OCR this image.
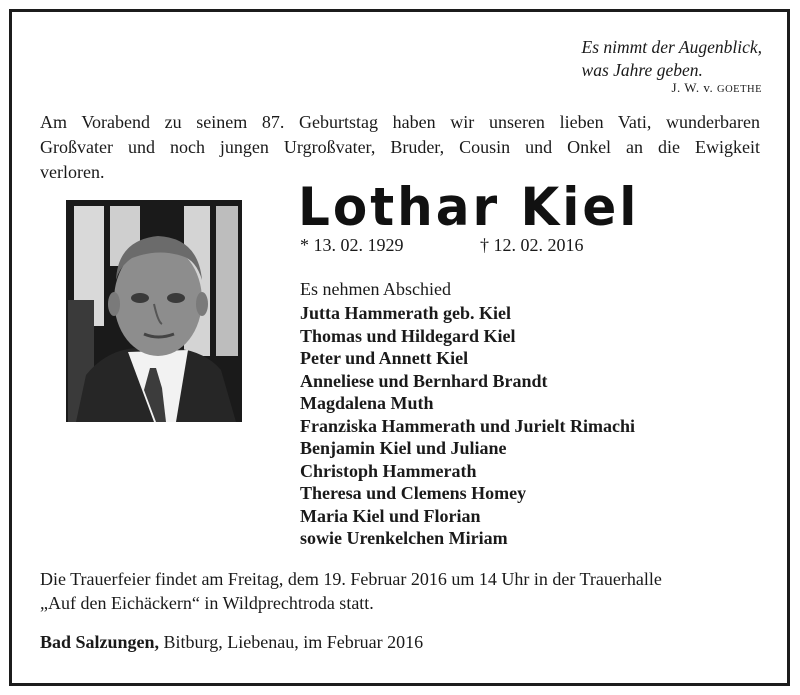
Es nimmt der Augenblick,
was Jahre geben.
J. W. v. GOETHE
Am Vorabend zu seinem 87. Geburtstag haben wir unseren lieben Vati, wunderbaren
Großvater und noch jungen Urgroßvater, Bruder, Cousin und Onkel an die Ewigkeit
verloren.
Lothar Kiel
* 13. 02. 1929	† 12. 02. 2016
Es nehmen Abschied
Jutta Hammerath geb. Kiel
Thomas und Hildegard Kiel
Peter und Annett Kiel
Anneliese und Bernhard Brandt
Magdalena Muth
Franziska Hammerath und Jurielt Rimachi
Benjamin Kiel und Juliane
Christoph Hammerath
Theresa und Clemens Homey
Maria Kiel und Florian
sowie Urenkelchen Miriam
Die Trauerfeier findet am Freitag, dem 19. Februar 2016 um 14 Uhr in der Trauerhalle
„Auf den Eichäckern“ in Wildprechtroda statt.
Bad Salzungen, Bitburg, Liebenau, im Februar 2016
